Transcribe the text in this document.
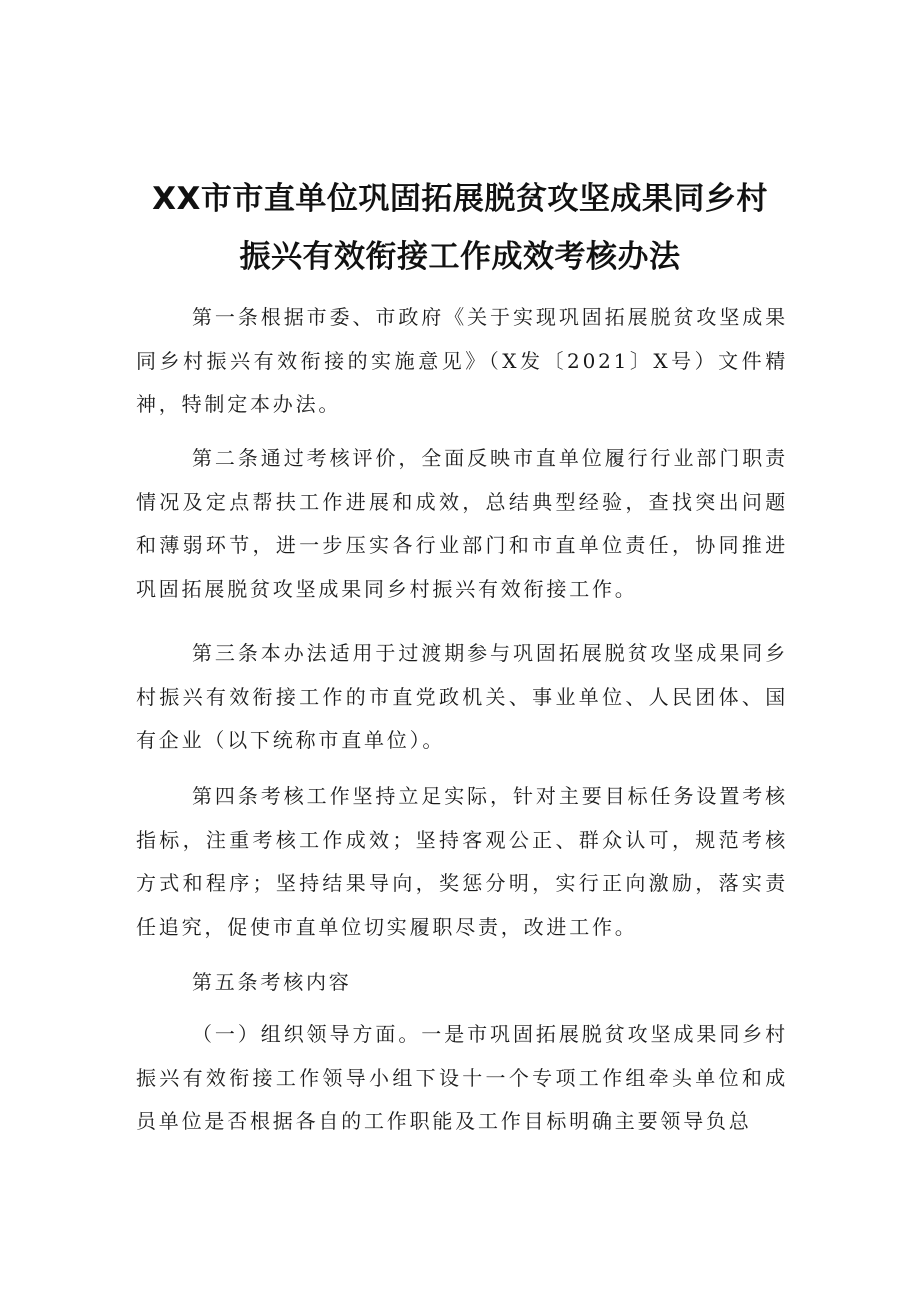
XX市市直单位巩固拓展脱贫攻坚成果同乡村
振兴有效衔接工作成效考核办法

第一条根据市委、市政府《关于实现巩固拓展脱贫攻坚成果同乡村振兴有效衔接的实施意见》（X发〔2021〕X号）文件精神，特制定本办法。

第二条通过考核评价，全面反映市直单位履行行业部门职责情况及定点帮扶工作进展和成效，总结典型经验，查找突出问题和薄弱环节，进一步压实各行业部门和市直单位责任，协同推进巩固拓展脱贫攻坚成果同乡村振兴有效衔接工作。

第三条本办法适用于过渡期参与巩固拓展脱贫攻坚成果同乡村振兴有效衔接工作的市直党政机关、事业单位、人民团体、国有企业（以下统称市直单位）。

第四条考核工作坚持立足实际，针对主要目标任务设置考核指标，注重考核工作成效；坚持客观公正、群众认可，规范考核方式和程序；坚持结果导向，奖惩分明，实行正向激励，落实责任追究，促使市直单位切实履职尽责，改进工作。

第五条考核内容

（一）组织领导方面。一是市巩固拓展脱贫攻坚成果同乡村振兴有效衔接工作领导小组下设十一个专项工作组牵头单位和成员单位是否根据各自的工作职能及工作目标明确主要领导负总
